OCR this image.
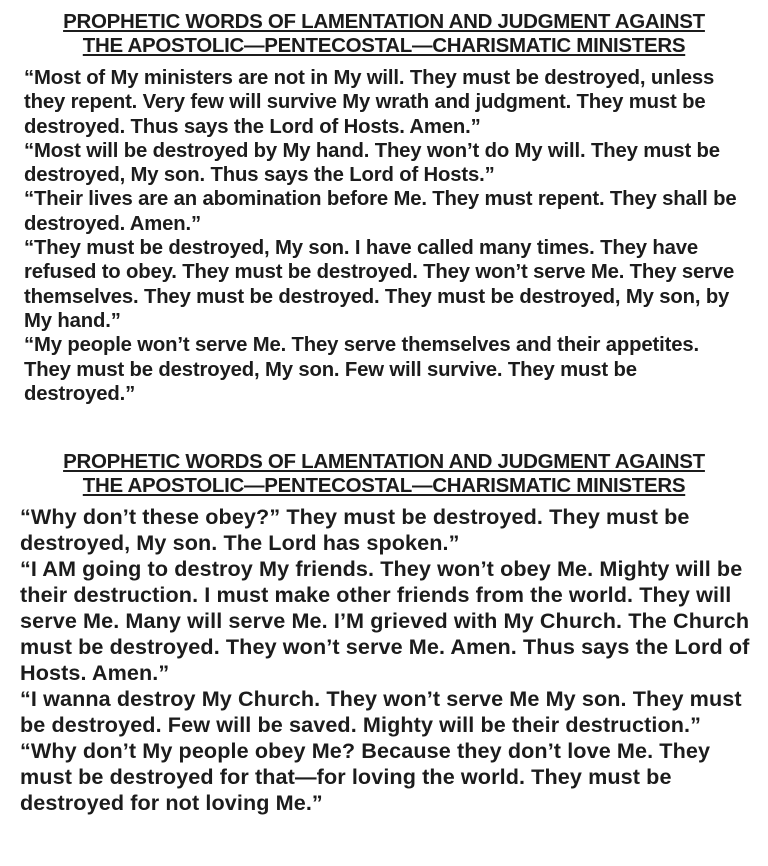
PROPHETIC WORDS OF LAMENTATION AND JUDGMENT AGAINST
THE APOSTOLIC—PENTECOSTAL—CHARISMATIC MINISTERS

“Most of My ministers are not in My will. They must be destroyed, unless they repent. Very few will survive My wrath and judgment. They must be destroyed. Thus says the Lord of Hosts. Amen.”

“Most will be destroyed by My hand. They won’t do My will. They must be destroyed, My son. Thus says the Lord of Hosts.”

“Their lives are an abomination before Me. They must repent. They shall be destroyed. Amen.”

“They must be destroyed, My son. I have called many times. They have refused to obey. They must be destroyed. They won’t serve Me. They serve themselves. They must be destroyed. They must be destroyed, My son, by My hand.”

“My people won’t serve Me. They serve themselves and their appetites. They must be destroyed, My son. Few will survive. They must be destroyed.”

PROPHETIC WORDS OF LAMENTATION AND JUDGMENT AGAINST
THE APOSTOLIC—PENTECOSTAL—CHARISMATIC MINISTERS

“Why don’t these obey?” They must be destroyed. They must be destroyed, My son. The Lord has spoken.”

“I AM going to destroy My friends. They won’t obey Me. Mighty will be their destruction. I must make other friends from the world. They will serve Me. Many will serve Me. I’M grieved with My Church. The Church must be destroyed. They won’t serve Me. Amen. Thus says the Lord of Hosts. Amen.”

“I wanna destroy My Church. They won’t serve Me My son. They must be destroyed. Few will be saved. Mighty will be their destruction.”

“Why don’t My people obey Me? Because they don’t love Me. They must be destroyed for that—for loving the world. They must be destroyed for not loving Me.”
